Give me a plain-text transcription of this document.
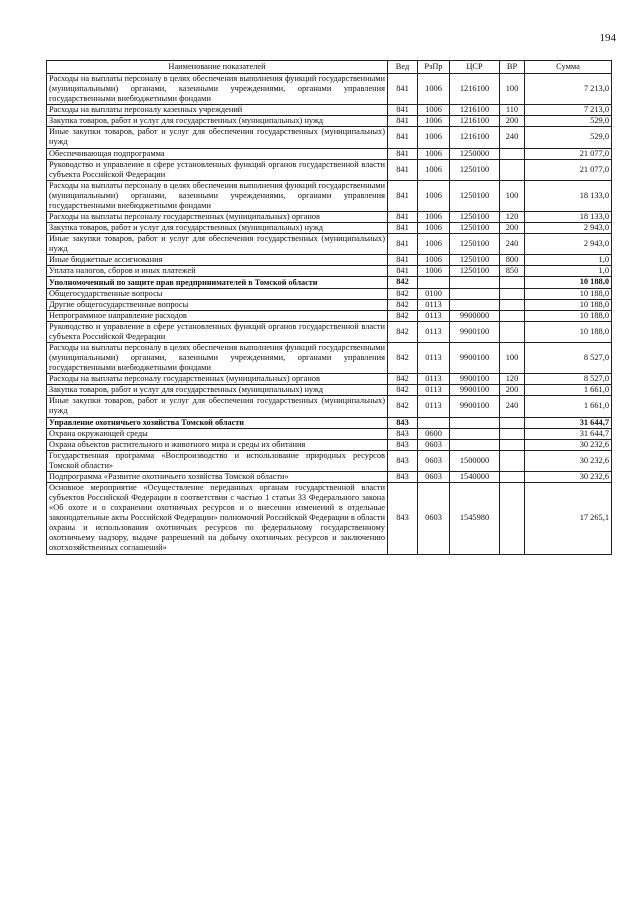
194
Наименование показателей	Вед	РзПр	ЦСР	ВР	Сумма
Расходы на выплаты персоналу в целях обеспечения выполнения функций государственными (муниципальными) органами, казенными учреждениями, органами управления государственными внебюджетными фондами	841	1006	1216100	100	7 213,0
Расходы на выплаты персоналу казенных учреждений	841	1006	1216100	110	7 213,0
Закупка товаров, работ и услуг для государственных (муниципальных) нужд	841	1006	1216100	200	529,0
Иные закупки товаров, работ и услуг для обеспечения государственных (муниципальных) нужд	841	1006	1216100	240	529,0
Обеспечивающая подпрограмма	841	1006	1250000		21 077,0
Руководство и управление в сфере установленных функций органов государственной власти субъекта Российской Федерации	841	1006	1250100		21 077,0
Расходы на выплаты персоналу в целях обеспечения выполнения функций государственными (муниципальными) органами, казенными учреждениями, органами управления государственными внебюджетными фондами	841	1006	1250100	100	18 133,0
Расходы на выплаты персоналу государственных (муниципальных) органов	841	1006	1250100	120	18 133,0
Закупка товаров, работ и услуг для государственных (муниципальных) нужд	841	1006	1250100	200	2 943,0
Иные закупки товаров, работ и услуг для обеспечения государственных (муниципальных) нужд	841	1006	1250100	240	2 943,0
Иные бюджетные ассигнования	841	1006	1250100	800	1,0
Уплата налогов, сборов и иных платежей	841	1006	1250100	850	1,0
Уполномоченный по защите прав предпринимателей в Томской области	842				10 188,0
Общегосударственные вопросы	842	0100			10 188,0
Другие общегосударственные вопросы	842	0113			10 188,0
Непрограммное направление расходов	842	0113	9900000		10 188,0
Руководство и управление в сфере установленных функций органов государственной власти субъекта Российской Федерации	842	0113	9900100		10 188,0
Расходы на выплаты персоналу в целях обеспечения выполнения функций государственными (муниципальными) органами, казенными учреждениями, органами управления государственными внебюджетными фондами	842	0113	9900100	100	8 527,0
Расходы на выплаты персоналу государственных (муниципальных) органов	842	0113	9900100	120	8 527,0
Закупка товаров, работ и услуг для государственных (муниципальных) нужд	842	0113	9900100	200	1 661,0
Иные закупки товаров, работ и услуг для обеспечения государственных (муниципальных) нужд	842	0113	9900100	240	1 661,0
Управление охотничьего хозяйства Томской области	843				31 644,7
Охрана окружающей среды	843	0600			31 644,7
Охрана объектов растительного и животного мира и среды их обитания	843	0603			30 232,6
Государственная программа «Воспроизводство и использование природных ресурсов Томской области»	843	0603	1500000		30 232,6
Подпрограмма «Развитие охотничьего хозяйства Томской области»	843	0603	1540000		30 232,6
Основное мероприятие «Осуществление переданных органам государственной власти субъектов Российской Федерации в соответствии с частью 1 статьи 33 Федерального закона «Об охоте и о сохранении охотничьих ресурсов и о внесении изменений в отдельные законодательные акты Российской Федерации» полномочий Российской Федерации в области охраны и использования охотничьих ресурсов по федеральному государственному охотничьему надзору, выдаче разрешений на добычу охотничьих ресурсов и заключению охотхозяйственных соглашений»	843	0603	1545980		17 265,1
